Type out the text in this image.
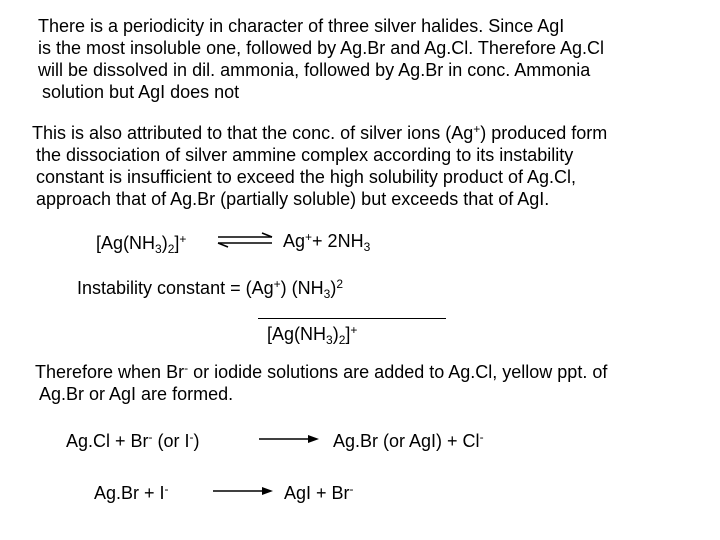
There is a periodicity in character of three silver halides. Since AgI
is the most insoluble one, followed by Ag.Br and Ag.Cl. Therefore Ag.Cl
will be dissolved in dil. ammonia, followed by Ag.Br in conc. Ammonia
solution but AgI does not
This is also attributed to that the conc. of silver ions (Ag+) produced form
the dissociation of silver ammine complex according to its instability
constant is insufficient to exceed the high solubility product of Ag.Cl,
approach that of Ag.Br (partially soluble) but exceeds that of AgI.
$[Ag(NH_3)_2]^+$ ⇌ $Ag^++ 2NH_3$
Instability constant = (Ag+) $(NH_3)^2$
$[Ag(NH_3)_2]^+$
Therefore when Br- or iodide solutions are added to Ag.Cl, yellow ppt. of
Ag.Br or AgI are formed.
Ag.Cl + Br- (or I-)	→ Ag.Br (or AgI) + Cl-
Ag.Br + I-	→ AgI + Br-
